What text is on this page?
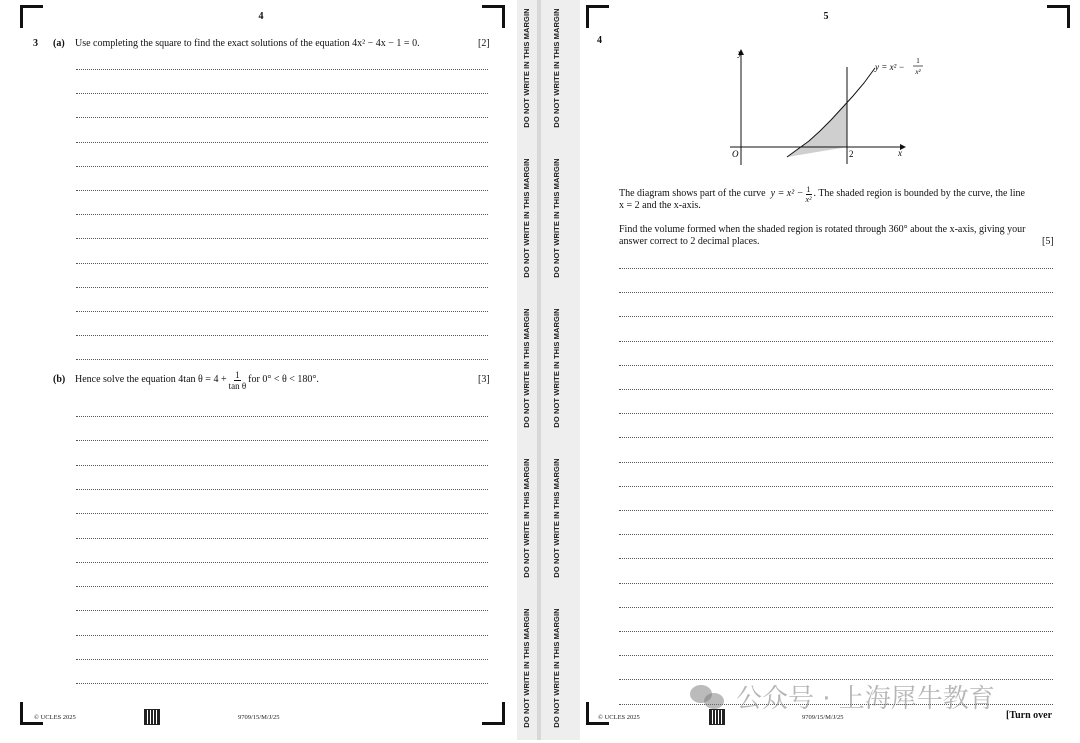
4
3 (a) Use completing the square to find the exact solutions of the equation 4x² − 4x − 1 = 0.	[2]
(b) Hence solve the equation 4tan $\theta = 4 + \frac{1}{\text{tan θ}}$ for 0° < θ < 180°.	[3]
© UCLES 2025	9709/15/M/J/25
DO NOT WRITE IN THIS MARGIN
DO NOT WRITE IN THIS MARGIN
DO NOT WRITE IN THIS MARGIN
DO NOT WRITE IN THIS MARGIN
DO NOT WRITE IN THIS MARGIN
DO NOT WRITE IN THIS MARGIN
DO NOT WRITE IN THIS MARGIN
DO NOT WRITE IN THIS MARGIN
DO NOT WRITE IN THIS MARGIN
DO NOT WRITE IN THIS MARGIN
5
4
y
x
O	2
y = x² −
1
x²
The diagram shows part of the curve $y = x^2 - \frac{1}{\text{x²}}$ . The shaded region is bounded by the curve, the line
x = 2 and the x-axis.
Find the volume formed when the shaded region is rotated through 360° about the x-axis, giving your
answer correct to 2 decimal places.	[5]
© UCLES 2025	9709/15/M/J/25	[Turn over
公众号 · 上海犀牛教育
